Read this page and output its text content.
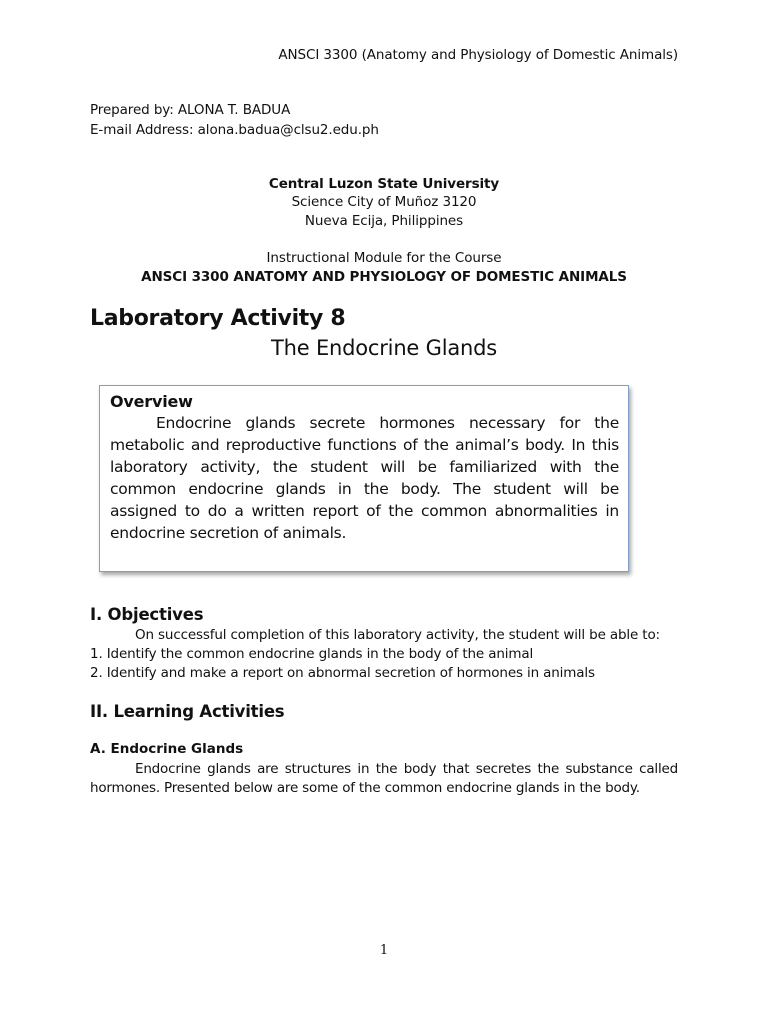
ANSCI 3300 (Anatomy and Physiology of Domestic Animals)
Prepared by: ALONA T. BADUA
E-mail Address: alona.badua@clsu2.edu.ph
Central Luzon State University
Science City of Muñoz 3120
Nueva Ecija, Philippines
Instructional Module for the Course
ANSCI 3300 ANATOMY AND PHYSIOLOGY OF DOMESTIC ANIMALS
Laboratory Activity 8
The Endocrine Glands
Overview

Endocrine glands secrete hormones necessary for the metabolic and reproductive functions of the animal’s body. In this laboratory activity, the student will be familiarized with the common endocrine glands in the body. The student will be assigned to do a written report of the common abnormalities in endocrine secretion of animals.

I. Objectives
On successful completion of this laboratory activity, the student will be able to:
1. Identify the common endocrine glands in the body of the animal
2. Identify and make a report on abnormal secretion of hormones in animals
II. Learning Activities
A. Endocrine Glands

Endocrine glands are structures in the body that secretes the substance called hormones. Presented below are some of the common endocrine glands in the body.

1
